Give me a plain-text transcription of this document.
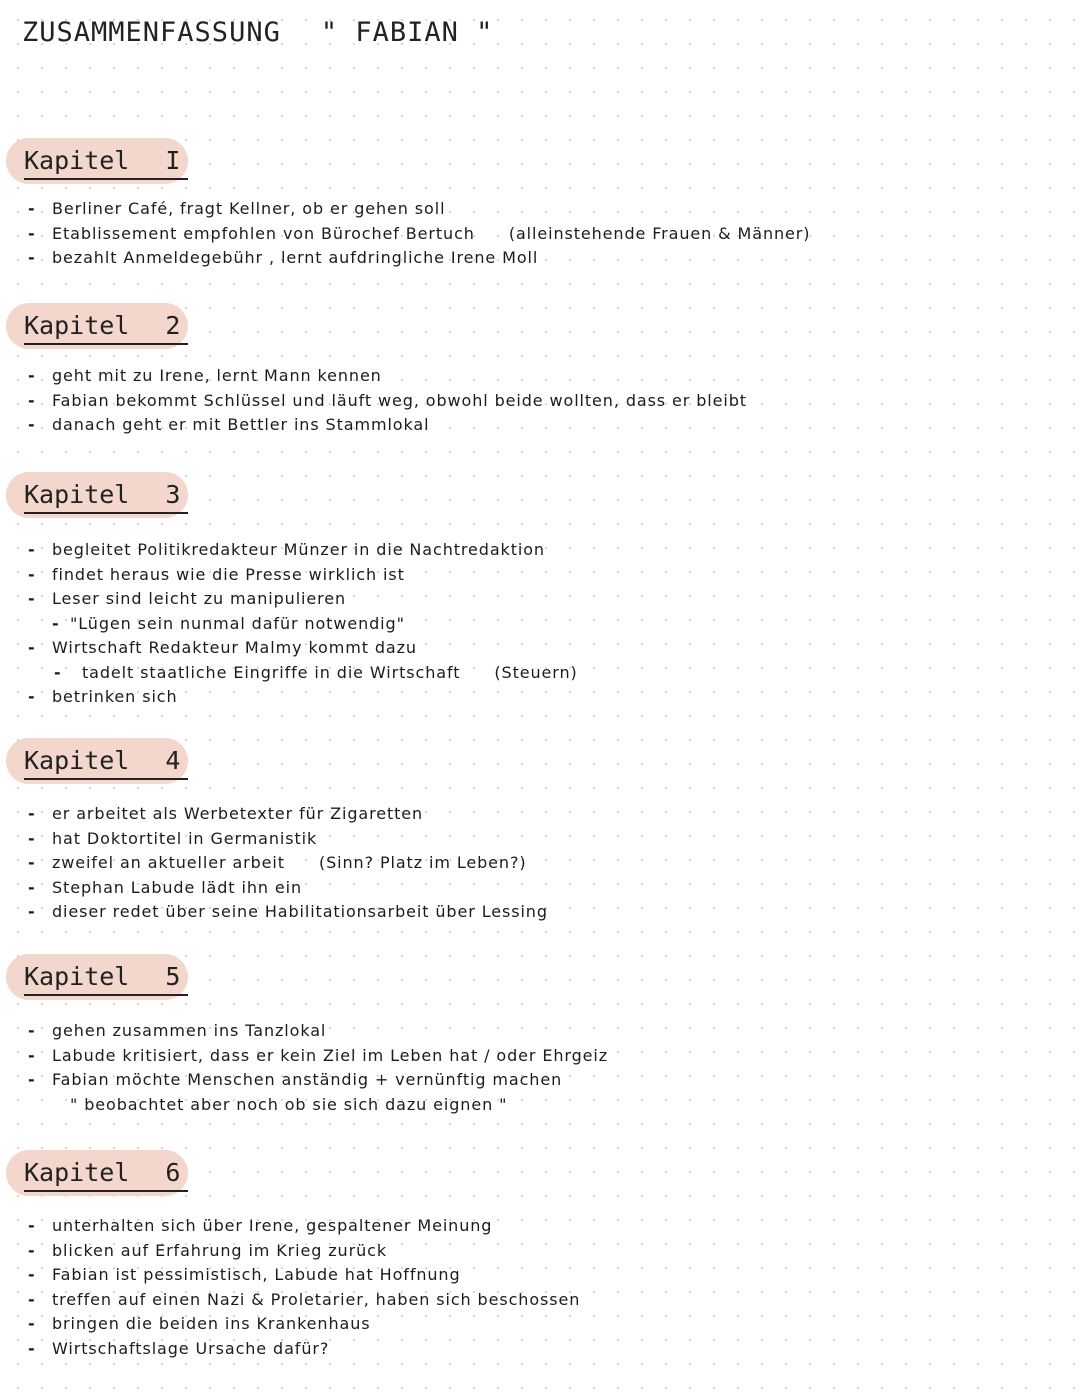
ZUSAMMENFASSUNG " FABIAN "
Kapitel I
- Berliner Café, fragt Kellner, ob er gehen soll
- Etablissement empfohlen von Bürochef Bertuch (alleinstehende Frauen & Männer)
- bezahlt Anmeldegebühr , lernt aufdringliche Irene Moll
Kapitel 2
- geht mit zu Irene, lernt Mann kennen
- Fabian bekommt Schlüssel und läuft weg, obwohl beide wollten, dass er bleibt
- danach geht er mit Bettler ins Stammlokal
Kapitel 3
- begleitet Politikredakteur Münzer in die Nachtredaktion
- findet heraus wie die Presse wirklich ist
- Leser sind leicht zu manipulieren
- "Lügen sein nunmal dafür notwendig"
- Wirtschaft Redakteur Malmy kommt dazu
- tadelt staatliche Eingriffe in die Wirtschaft (Steuern)
- betrinken sich
Kapitel 4
- er arbeitet als Werbetexter für Zigaretten
- hat Doktortitel in Germanistik
- zweifel an aktueller arbeit (Sinn? Platz im Leben?)
- Stephan Labude lädt ihn ein
- dieser redet über seine Habilitationsarbeit über Lessing
Kapitel 5
- gehen zusammen ins Tanzlokal
- Labude kritisiert, dass er kein Ziel im Leben hat / oder Ehrgeiz
- Fabian möchte Menschen anständig + vernünftig machen
" beobachtet aber noch ob sie sich dazu eignen "
Kapitel 6
- unterhalten sich über Irene, gespaltener Meinung
- blicken auf Erfahrung im Krieg zurück
- Fabian ist pessimistisch, Labude hat Hoffnung
- treffen auf einen Nazi & Proletarier, haben sich beschossen
- bringen die beiden ins Krankenhaus
- Wirtschaftslage Ursache dafür?
